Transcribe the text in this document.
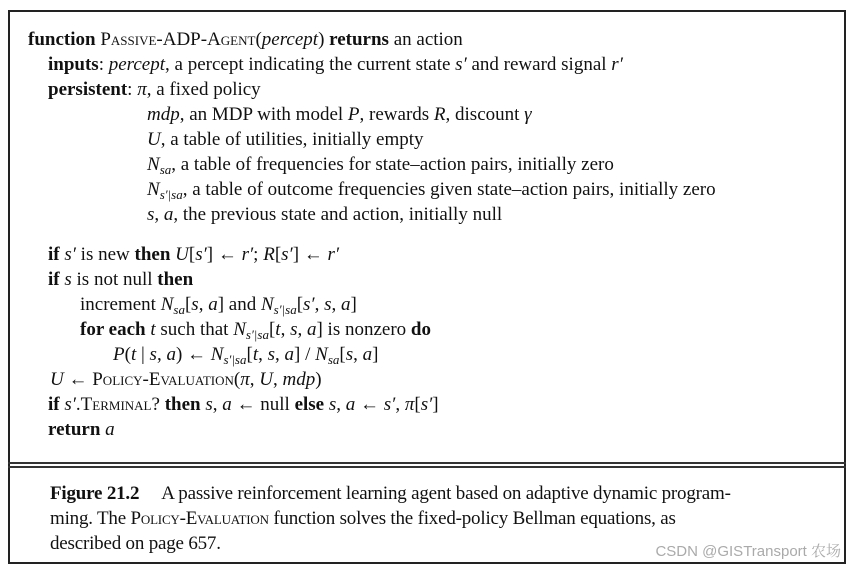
function Passive-ADP-Agent(percept) returns an action
inputs: percept, a percept indicating the current state s′ and reward signal r′
persistent: π, a fixed policy
mdp, an MDP with model P, rewards R, discount γ
U, a table of utilities, initially empty
$N_{sa}$, a table of frequencies for state–action pairs, initially zero
$N_{s'|sa}$, a table of outcome frequencies given state–action pairs, initially zero
s, a, the previous state and action, initially null
if s′ is new then U[s′] ← r′; R[s′] ← r′
if s is not null then
increment $N_{sa}[s$, a] and $N_{s'|sa}[s'$, s, a]
for each t such that $N_{s'|sa}[t$, s, a] is nonzero do
P(t | s, a) ← $N_{s'|sa}[t$, s, $a] / N_{sa}[s$, a]
U ← Policy-Evaluation(π, U, mdp)
if s′.Terminal? then s, a ← null else s, a ← s′, π[s′]
return a
Figure 21.2 A passive reinforcement learning agent based on adaptive dynamic program-
ming. The Policy-Evaluation function solves the fixed-policy Bellman equations, as
described on page 657.	CSDN @GISTransport 农场
